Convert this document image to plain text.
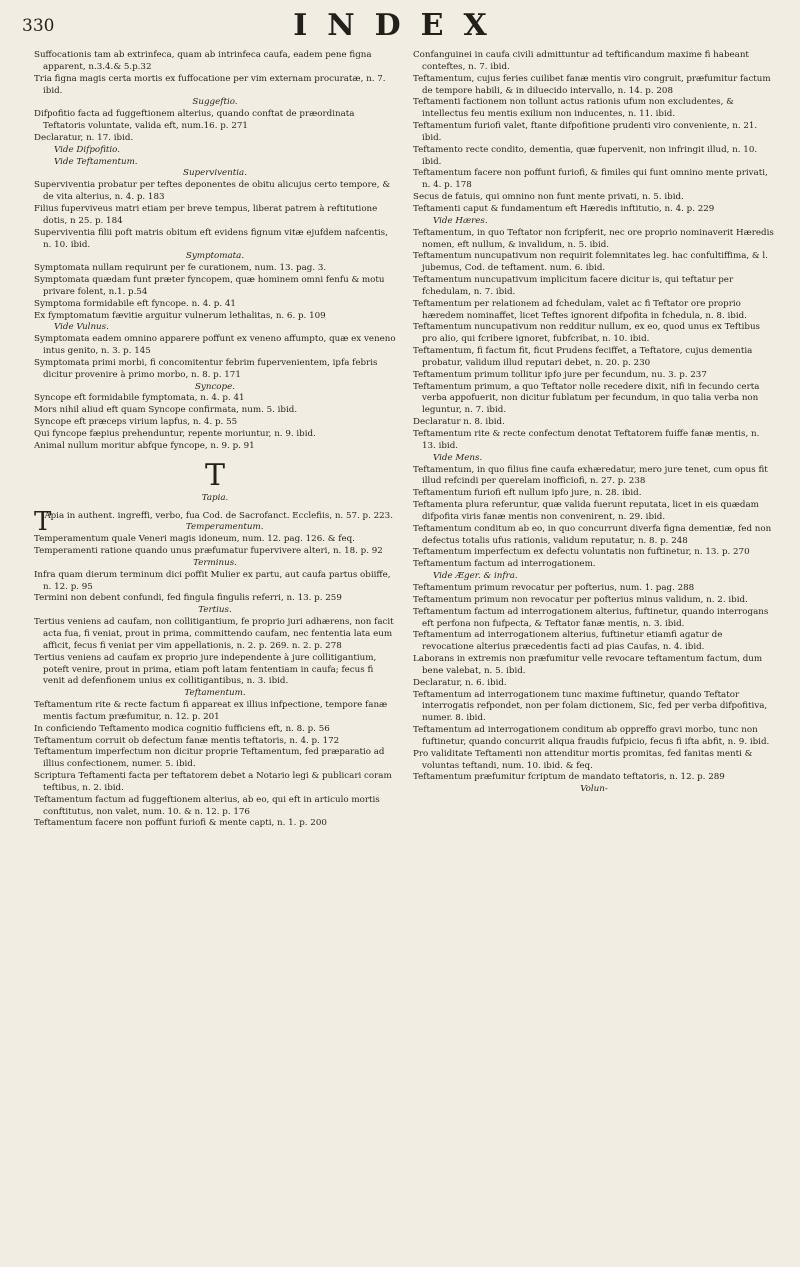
330	INDEX

Suffocationis tam ab extrinfeca, quam ab intrinfeca caufa, eadem pene figna apparent, n.3.4.& 5.p.32

Tria figna magis certa mortis ex fuffocatione per vim externam procuratæ, n. 7. ibid.

Suggeftio.

Difpofitio facta ad fuggeftionem alterius, quando conftat de præordinata Teftatoris voluntate, valida eft, num.16. p. 271

Declaratur, n. 17. ibid.

Vide Difpofitio.

Vide Teftamentum.

Superviventia.

Superviventia probatur per teftes deponentes de obitu alicujus certo tempore, & de vita alterius, n. 4. p. 183

Filius fuperviveus matri etiam per breve tempus, liberat patrem à reftitutione dotis, n 25. p. 184

Superviventia filii poft matris obitum eft evidens fignum vitæ ejufdem nafcentis, n. 10. ibid.

Symptomata.

Symptomata nullam requirunt per fe curationem, num. 13. pag. 3.

Symptomata quædam funt præter fyncopem, quæ hominem omni fenfu & motu privare folent, n.1. p.54

Symptoma formidabile eft fyncope. n. 4. p. 41

Ex fymptomatum fævitie arguitur vulnerum lethalitas, n. 6. p. 109

Vide Vulnus.

Symptomata eadem omnino apparere poffunt ex veneno affumpto, quæ ex veneno intus genito, n. 3. p. 145

Symptomata primi morbi, fi concomitentur febrim fupervenientem, ipfa febris dicitur provenire à primo morbo, n. 8. p. 171

Syncope.

Syncope eft formidabile fymptomata, n. 4. p. 41

Mors nihil aliud eft quam Syncope confirmata, num. 5. ibid.

Syncope eft præceps virium lapfus, n. 4. p. 55

Qui fyncope fæpius prehenduntur, repente moriuntur, n. 9. ibid.

Animal nullum moritur abfque fyncope, n. 9. p. 91

T

Tapia.

TApia in authent. ingreffi, verbo, fua Cod. de Sacrofanct. Ecclefiis, n. 57. p. 223.

Temperamentum.

Temperamentum quale Veneri magis idoneum, num. 12. pag. 126. & feq.

Temperamenti ratione quando unus præfumatur fupervivere alteri, n. 18. p. 92

Terminus.

Infra quam dierum terminum dici poffit Mulier ex partu, aut caufa partus obiiffe, n. 12. p. 95

Termini non debent confundi, fed fingula fingulis referri, n. 13. p. 259

Tertius.

Tertius veniens ad caufam, non collitigantium, fe proprio juri adhærens, non facit acta fua, fi veniat, prout in prima, committendo caufam, nec fententia lata eum afficit, fecus fi veniat per vim appellationis, n. 2. p. 269. n. 2. p. 278

Tertius veniens ad caufam ex proprio jure independente à jure collitigantium, poteft venire, prout in prima, etiam poft latam fententiam in caufa; fecus fi venit ad defenfionem unius ex collitigantibus, n. 3. ibid.

Teftamentum.

Teftamentum rite & recte factum fi appareat ex illius infpectione, tempore fanæ mentis factum præfumitur, n. 12. p. 201

In conficiendo Teftamento modica cognitio fufficiens eft, n. 8. p. 56

Teftamentum corruit ob defectum fanæ mentis teftatoris, n. 4. p. 172

Teftamentum imperfectum non dicitur proprie Teftamentum, fed præparatio ad illius confectionem, numer. 5. ibid.

Scriptura Teftamenti facta per teftatorem debet a Notario legi & publicari coram teftibus, n. 2. ibid.

Teftamentum factum ad fuggeftionem alterius, ab eo, qui eft in articulo mortis conftitutus, non valet, num. 10. & n. 12. p. 176

Teftamentum facere non poffunt furiofi & mente capti, n. 1. p. 200

Confanguinei in caufa civili admittuntur ad teftificandum maxime fi habeant conteftes, n. 7. ibid.

Teftamentum, cujus feries cuilibet fanæ mentis viro congruit, præfumitur factum de tempore habili, & in diluecido intervallo, n. 14. p. 208

Teftamenti factionem non tollunt actus rationis ufum non excludentes, & intellectus feu mentis exilium non inducentes, n. 11. ibid.

Teftamentum furiofi valet, ftante difpofitione prudenti viro conveniente, n. 21. ibid.

Teftamento recte condito, dementia, quæ fupervenit, non infringit illud, n. 10. ibid.

Teftamentum facere non poffunt furiofi, & fimiles qui funt omnino mente privati, n. 4. p. 178

Secus de fatuis, qui omnino non funt mente privati, n. 5. ibid.

Teftamenti caput & fundamentum eft Hæredis inftitutio, n. 4. p. 229

Vide Hæres.

Teftamentum, in quo Teftator non fcripferit, nec ore proprio nominaverit Hæredis nomen, eft nullum, & invalidum, n. 5. ibid.

Teftamentum nuncupativum non requirit folemnitates leg. hac confultiffima, & l. jubemus, Cod. de teftament. num. 6. ibid.

Teftamentum nuncupativum implicitum facere dicitur is, qui teftatur per fchedulam, n. 7. ibid.

Teftamentum per relationem ad fchedulam, valet ac fi Teftator ore proprio hæredem nominaffet, licet Teftes ignorent difpofita in fchedula, n. 8. ibid.

Teftamentum nuncupativum non redditur nullum, ex eo, quod unus ex Teftibus pro alio, qui fcribere ignoret, fubfcribat, n. 10. ibid.

Teftamentum, fi factum fit, ficut Prudens feciffet, a Teftatore, cujus dementia probatur, validum illud reputari debet, n. 20. p. 230

Teftamentum primum tollitur ipfo jure per fecundum, nu. 3. p. 237

Teftamentum primum, a quo Teftator nolle recedere dixit, nifi in fecundo certa verba appofuerit, non dicitur fublatum per fecundum, in quo talia verba non leguntur, n. 7. ibid.

Declaratur n. 8. ibid.

Teftamentum rite & recte confectum denotat Teftatorem fuiffe fanæ mentis, n. 13. ibid.

Vide Mens.

Teftamentum, in quo filius fine caufa exhæredatur, mero jure tenet, cum opus fit illud refcindi per querelam inofficiofi, n. 27. p. 238

Teftamentum furiofi eft nullum ipfo jure, n. 28. ibid.

Teftamenta plura referuntur, quæ valida fuerunt reputata, licet in eis quædam difpofita viris fanæ mentis non convenirent, n. 29. ibid.

Teftamentum conditum ab eo, in quo concurrunt diverfa figna dementiæ, fed non defectus totalis ufus rationis, validum reputatur, n. 8. p. 248

Teftamentum imperfectum ex defectu voluntatis non fuftinetur, n. 13. p. 270

Teftamentum factum ad interrogationem.

Vide Æger. & infra.

Teftamentum primum revocatur per pofterius, num. 1. pag. 288

Teftamentum primum non revocatur per pofterius minus validum, n. 2. ibid.

Teftamentum factum ad interrogationem alterius, fuftinetur, quando interrogans eft perfona non fufpecta, & Teftator fanæ mentis, n. 3. ibid.

Teftamentum ad interrogationem alterius, fuftinetur etiamfi agatur de revocatione alterius præcedentis facti ad pias Caufas, n. 4. ibid.

Laborans in extremis non præfumitur velle revocare teftamentum factum, dum bene valebat, n. 5. ibid.

Declaratur, n. 6. ibid.

Teftamentum ad interrogationem tunc maxime fuftinetur, quando Teftator interrogatis refpondet, non per folam dictionem, Sic, fed per verba difpofitiva, numer. 8. ibid.

Teftamentum ad interrogationem conditum ab oppreffo gravi morbo, tunc non fuftinetur, quando concurrit aliqua fraudis fufpicio, fecus fi ifta abfit, n. 9. ibid.

Pro validitate Teftamenti non attenditur mortis promitas, fed fanitas menti & voluntas teftandi, num. 10. ibid. & feq.

Teftamentum præfumitur fcriptum de mandato teftatoris, n. 12. p. 289

Volun-
